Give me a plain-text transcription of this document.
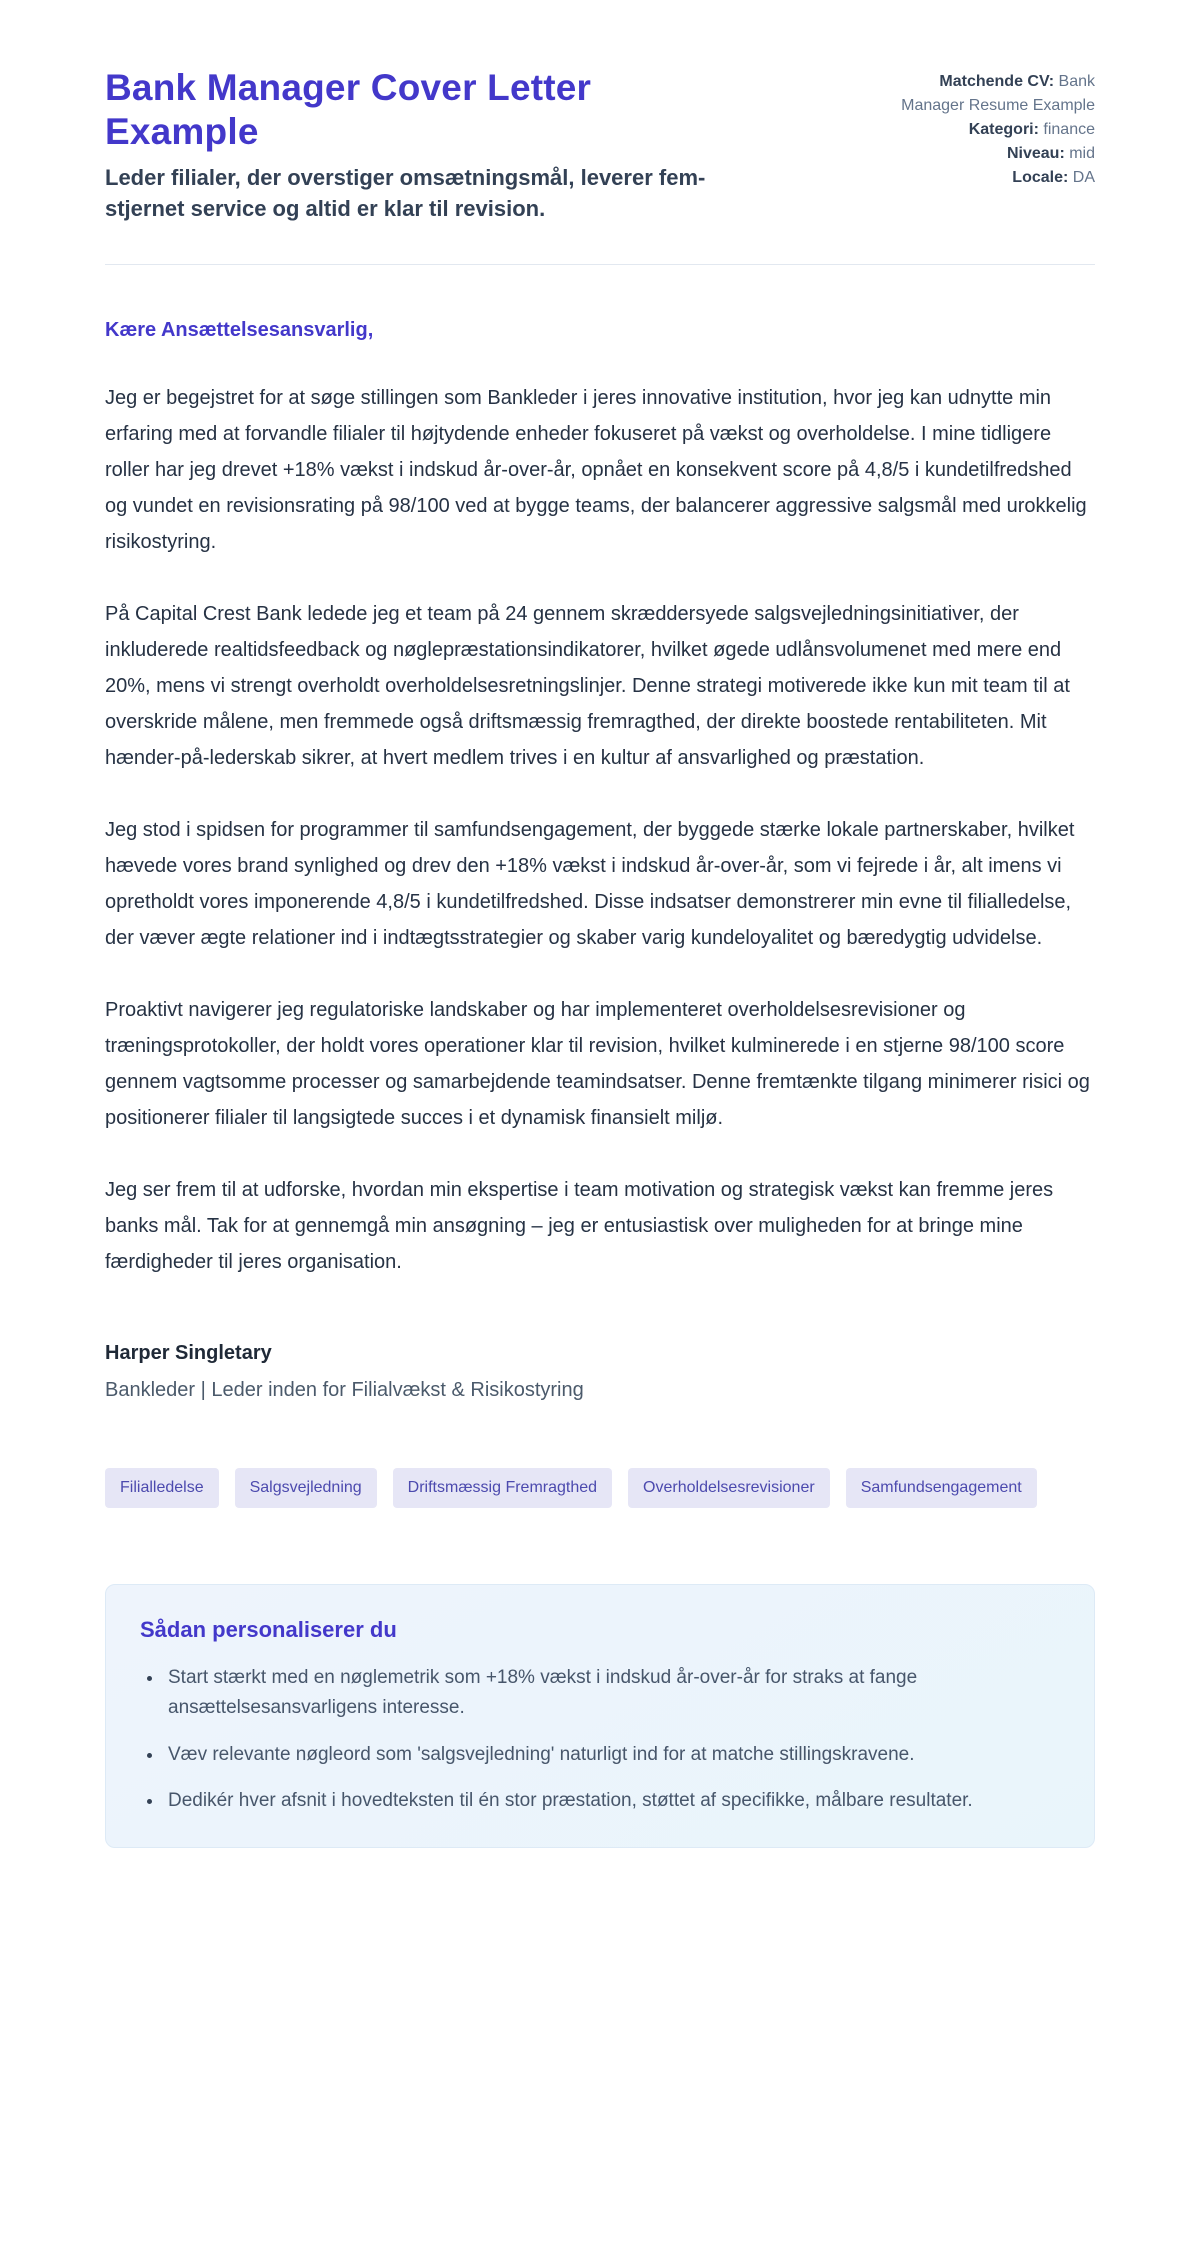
Bank Manager Cover Letter Example
Leder filialer, der overstiger omsætningsmål, leverer fem-stjernet service og altid er klar til revision.
Matchende CV: Bank Manager Resume Example
Kategori: finance
Niveau: mid
Locale: DA

Kære Ansættelsesansvarlig,

Jeg er begejstret for at søge stillingen som Bankleder i jeres innovative institution, hvor jeg kan udnytte min erfaring med at forvandle filialer til højtydende enheder fokuseret på vækst og overholdelse. I mine tidligere roller har jeg drevet +18% vækst i indskud år-over-år, opnået en konsekvent score på 4,8/5 i kundetilfredshed og vundet en revisionsrating på 98/100 ved at bygge teams, der balancerer aggressive salgsmål med urokkelig risikostyring.

På Capital Crest Bank ledede jeg et team på 24 gennem skræddersyede salgsvejledningsinitiativer, der inkluderede realtidsfeedback og nøglepræstationsindikatorer, hvilket øgede udlånsvolumenet med mere end 20%, mens vi strengt overholdt overholdelsesretningslinjer. Denne strategi motiverede ikke kun mit team til at overskride målene, men fremmede også driftsmæssig fremragthed, der direkte boostede rentabiliteten. Mit hænder-på-lederskab sikrer, at hvert medlem trives i en kultur af ansvarlighed og præstation.

Jeg stod i spidsen for programmer til samfundsengagement, der byggede stærke lokale partnerskaber, hvilket hævede vores brand synlighed og drev den +18% vækst i indskud år-over-år, som vi fejrede i år, alt imens vi opretholdt vores imponerende 4,8/5 i kundetilfredshed. Disse indsatser demonstrerer min evne til filialledelse, der væver ægte relationer ind i indtægtsstrategier og skaber varig kundeloyalitet og bæredygtig udvidelse.

Proaktivt navigerer jeg regulatoriske landskaber og har implementeret overholdelsesrevisioner og træningsprotokoller, der holdt vores operationer klar til revision, hvilket kulminerede i en stjerne 98/100 score gennem vagtsomme processer og samarbejdende teamindsatser. Denne fremtænkte tilgang minimerer risici og positionerer filialer til langsigtede succes i et dynamisk finansielt miljø.

Jeg ser frem til at udforske, hvordan min ekspertise i team motivation og strategisk vækst kan fremme jeres banks mål. Tak for at gennemgå min ansøgning – jeg er entusiastisk over muligheden for at bringe mine færdigheder til jeres organisation.

Harper Singletary

Bankleder | Leder inden for Filialvækst & Risikostyring

Filialledelse	Salgsvejledning	Driftsmæssig Fremragthed	Overholdelsesrevisioner	Samfundsengagement
Sådan personaliserer du
• Start stærkt med en nøglemetrik som +18% vækst i indskud år-over-år for straks at fange ansættelsesansvarligens interesse.
• Væv relevante nøgleord som 'salgsvejledning' naturligt ind for at matche stillingskravene.
• Dedikér hver afsnit i hovedteksten til én stor præstation, støttet af specifikke, målbare resultater.
